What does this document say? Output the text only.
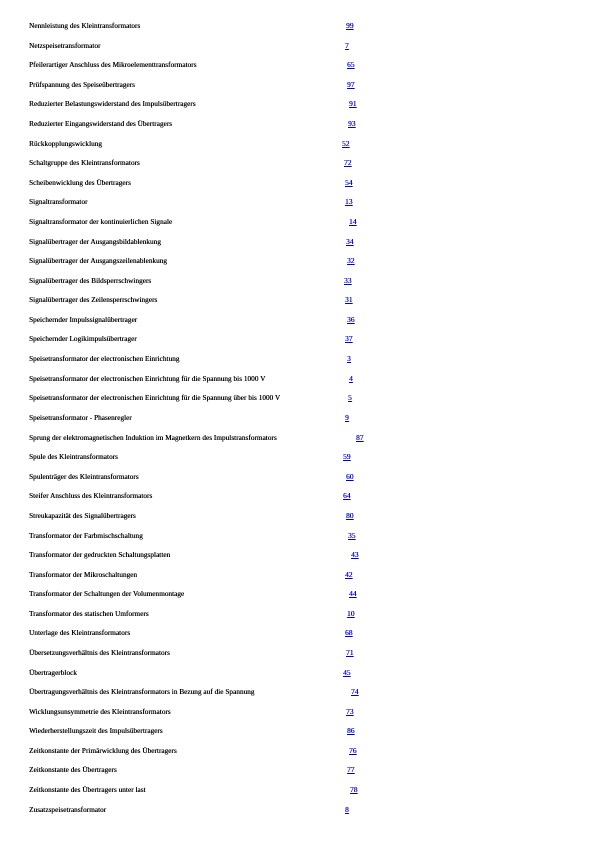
Nennleistung des Kleintransformators	99
Netzspeisetransformator	7
Pfeilerartiger Anschluss des Mikroelementtransformators	65
Prüfspannung des Speiseübertragers	97
Reduzierter Belastungswiderstand des Impulsübertragers	91
Reduzierter Eingangswiderstand des Übertragers	93
Rückkopplungswicklung	52
Schaltgruppe des Kleintransformators	72
Scheibenwicklung des Übertragers	54
Signaltransformator	13
Signaltransformator der kontinuierlichen Signale	14
Signalübertrager der Ausgangsbildablenkung	34
Signalübertrager der Ausgangszeilenablenkung	32
Signalübertrager des Bildsperrschwingers	33
Signalübertrager des Zeilensperrschwingers	31
Speichernder Impulssignalübertrager	36
Speichernder Logikimpulsübertrager	37
Speisetransformator der electronischen Einrichtung	3
Speisetransformator der electronischen Einrichtung für die Spannung bis 1000 V	4
Speisetransformator der electronischen Einrichtung für die Spannung über bis 1000 V	5
Speisetransformator - Phasenregler	9
Sprung der elektromagnetischen Induktion im Magnetkern des Impulstransformators	87
Spule des Kleintransformators	59
Spulenträger des Kleintransformators	60
Steifer Anschluss des Kleintransformators	64
Streukapazität des Signalübertragers	80
Transformator der Farbmischschaltung	35
Transformator der gedruckten Schaltungsplatten	43
Transformator der Mikroschaltungen	42
Transformator der Schaltungen der Volumenmontage	44
Transformator des statischen Umformers	10
Unterlage des Kleintransformators	68
Übersetzungsverhältnis des Kleintransformators	71
Übertragerblock	45
Übertragungsverhältnis des Kleintransformators in Bezung auf die Spannung	74
Wicklungsunsymmetrie des Kleintransformators	73
Wiederherstellungszeit des Impulsübertragers	86
Zeitkonstante der Primärwicklung des Übertragers	76
Zeitkonstante des Übertragers	77
Zeitkonstante des Übertragers unter last	78
Zusatzspeisetransformator	8
